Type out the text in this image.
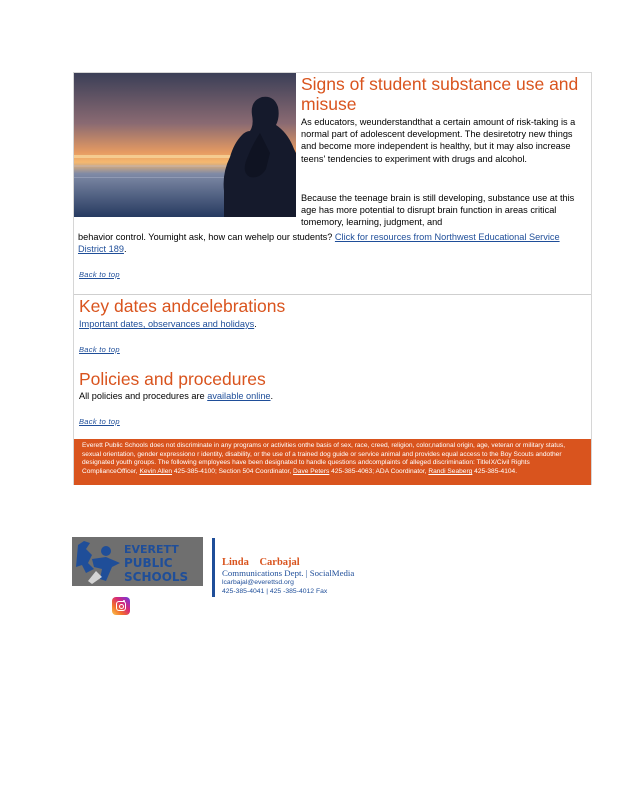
Signs of student substance use and misuse

As educators, weunderstandthat a certain amount of risk-taking is a normal part of adolescent development. The desiretotry new things and become more independent is healthy, but it may also increase teens' tendencies to experiment with drugs and alcohol.

Because the teenage brain is still developing, substance use at this age has more potential to disrupt brain function in areas critical tomemory, learning, judgment, and

behavior control. Youmight ask, how can wehelp our students? Click for resources from Northwest Educational Service District 189.

Back to top
Key dates andcelebrations

Important dates, observances and holidays.

Back to top
Policies and procedures

All policies and procedures are available online.

Back to top
Everett Public Schools does not discriminate in any programs or activities onthe basis of sex, race, creed, religion, color,national origin, age, veteran or military status, sexual orientation, gender expressiono r identity, disability, or the use of a trained dog guide or service animal and provides equal access to the Boy Scouts andother designated youth groups. The following employees have been designated to handle questions andcomplaints of alleged discrimination: TitleIX/Civil Rights ComplianceOfficer, Kevin Allen 425-385-4100; Section 504 Coordinator, Dave Peters 425-385-4063; ADA Coordinator, Randi Seaberg 425-385-4104.
EVERETT
PUBLIC
SCHOOLS
Linda Carbajal
Communications Dept. | SocialMedia
lcarbajal@everettsd.org
425-385-4041 | 425 -385-4012 Fax
